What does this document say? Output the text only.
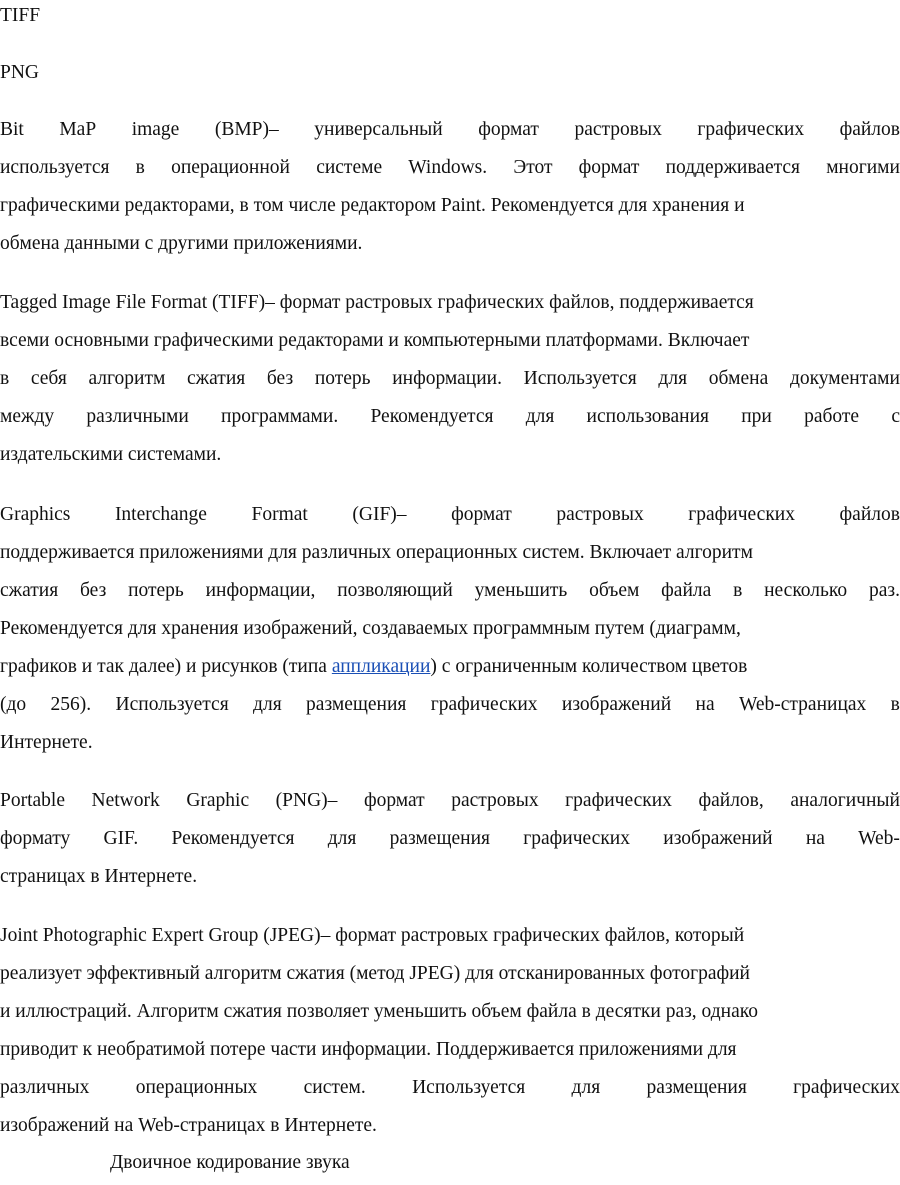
TIFF

PNG

Bit MaP image (BMP)– универсальный формат растровых графических файлов
используется в операционной системе Windows. Этот формат поддерживается многими

графическими редакторами, в том числе редактором Paint. Рекомендуется для хранения и

обмена данными с другими приложениями.

Tagged Image File Format (TIFF)– формат растровых графических файлов, поддерживается

всеми основными графическими редакторами и компьютерными платформами. Включает

в себя алгоритм сжатия без потерь информации. Используется для обмена документами
между различными программами. Рекомендуется для использования при работе с

издательскими системами.

Graphics Interchange Format (GIF)– формат растровых графических файлов

поддерживается приложениями для различных операционных систем. Включает алгоритм

сжатия без потерь информации, позволяющий уменьшить объем файла в несколько раз.

Рекомендуется для хранения изображений, создаваемых программным путем (диаграмм,

графиков и так далее) и рисунков (типа аппликации) с ограниченным количеством цветов

(до 256). Используется для размещения графических изображений на Web-страницах в

Интернете.

Portable Network Graphic (PNG)– формат растровых графических файлов, аналогичный
формату GIF. Рекомендуется для размещения графических изображений на Web-

страницах в Интернете.

Joint Photographic Expert Group (JPEG)– формат растровых графических файлов, который

реализует эффективный алгоритм сжатия (метод JPEG) для отсканированных фотографий

и иллюстраций. Алгоритм сжатия позволяет уменьшить объем файла в десятки раз, однако

приводит к необратимой потере части информации. Поддерживается приложениями для

различных операционных систем. Используется для размещения графических

изображений на Web-страницах в Интернете.

Двоичное кодирование звука
